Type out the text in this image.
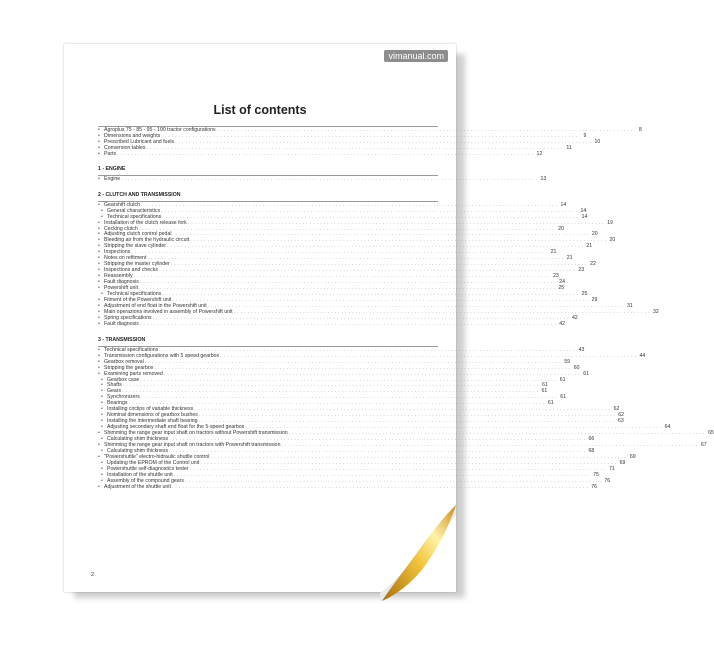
vimanual.com
List of contents
• Agroplus 75 - 85 - 95 - 100 tractor configurations . . . . . . . . . . . . . . . . . . . . . . . . . . . . . . . . . . . . . . . . . . . . . . . . . . . . . . . . . . . . . . . . . . . . . . . . . . . . . . . . . . . . . . . . . . . . . . . . . . . . . . . . . . . . . . . . . . . . . . . .	8
• Dimensions and weights . . . . . . . . . . . . . . . . . . . . . . . . . . . . . . . . . . . . . . . . . . . . . . . . . . . . . . . . . . . . . . . . . . . . . . . . . . . . . . . . . . . . . . . . . . . . . . . . . . . . . . . . . . . . . . . . . . . . . . . .	9
• Prescribed Lubricant and fuels . . . . . . . . . . . . . . . . . . . . . . . . . . . . . . . . . . . . . . . . . . . . . . . . . . . . . . . . . . . . . . . . . . . . . . . . . . . . . . . . . . . . . . . . . . . . . . . . . . . . . . . . . . . . . . . . . . . . . . . . 10
• Conversion tables . . . . . . . . . . . . . . . . . . . . . . . . . . . . . . . . . . . . . . . . . . . . . . . . . . . . . . . . . . . . . . . . . . . . . . . . . . . . . . . . . . . . . . . . . . . . . . . . . . . . . . . . . . . . . . . . . . . . . . . . 11
• Parts . . . . . . . . . . . . . . . . . . . . . . . . . . . . . . . . . . . . . . . . . . . . . . . . . . . . . . . . . . . . . . . . . . . . . . . . . . . . . . . . . . . . . . . . . . . . . . . . . . . . . . . . . . . . . . . . . . . . . . . . 12
1 - ENGINE
• Engine . . . . . . . . . . . . . . . . . . . . . . . . . . . . . . . . . . . . . . . . . . . . . . . . . . . . . . . . . . . . . . . . . . . . . . . . . . . . . . . . . . . . . . . . . . . . . . . . . . . . . . . . . . . . . . . . . . . . . . . . 13
2 - CLUTCH AND TRANSMISSION
• Gearshift clutch . . . . . . . . . . . . . . . . . . . . . . . . . . . . . . . . . . . . . . . . . . . . . . . . . . . . . . . . . . . . . . . . . . . . . . . . . . . . . . . . . . . . . . . . . . . . . . . . . . . . . . . . . . . . . . . . . . . . . . . . 14
• General characteristics . . . . . . . . . . . . . . . . . . . . . . . . . . . . . . . . . . . . . . . . . . . . . . . . . . . . . . . . . . . . . . . . . . . . . . . . . . . . . . . . . . . . . . . . . . . . . . . . . . . . . . . . . . . . . . . . . . . . . . . . 14
• Technical specifications . . . . . . . . . . . . . . . . . . . . . . . . . . . . . . . . . . . . . . . . . . . . . . . . . . . . . . . . . . . . . . . . . . . . . . . . . . . . . . . . . . . . . . . . . . . . . . . . . . . . . . . . . . . . . . . . . . . . . . . . 14
• Installation of the clutch release fork . . . . . . . . . . . . . . . . . . . . . . . . . . . . . . . . . . . . . . . . . . . . . . . . . . . . . . . . . . . . . . . . . . . . . . . . . . . . . . . . . . . . . . . . . . . . . . . . . . . . . . . . . . . . . . . . . . . . . . . . 19
• Cecking clutch . . . . . . . . . . . . . . . . . . . . . . . . . . . . . . . . . . . . . . . . . . . . . . . . . . . . . . . . . . . . . . . . . . . . . . . . . . . . . . . . . . . . . . . . . . . . . . . . . . . . . . . . . . . . . . . . . . . . . . . . 20
• Adjusting clutch control pedal . . . . . . . . . . . . . . . . . . . . . . . . . . . . . . . . . . . . . . . . . . . . . . . . . . . . . . . . . . . . . . . . . . . . . . . . . . . . . . . . . . . . . . . . . . . . . . . . . . . . . . . . . . . . . . . . . . . . . . . . 20
• Bleeding air from the hydraulic circuit . . . . . . . . . . . . . . . . . . . . . . . . . . . . . . . . . . . . . . . . . . . . . . . . . . . . . . . . . . . . . . . . . . . . . . . . . . . . . . . . . . . . . . . . . . . . . . . . . . . . . . . . . . . . . . . . . . . . . . . . 20
• Stripping the slave cylinder . . . . . . . . . . . . . . . . . . . . . . . . . . . . . . . . . . . . . . . . . . . . . . . . . . . . . . . . . . . . . . . . . . . . . . . . . . . . . . . . . . . . . . . . . . . . . . . . . . . . . . . . . . . . . . . . . . . . . . . . 21
• Inspections . . . . . . . . . . . . . . . . . . . . . . . . . . . . . . . . . . . . . . . . . . . . . . . . . . . . . . . . . . . . . . . . . . . . . . . . . . . . . . . . . . . . . . . . . . . . . . . . . . . . . . . . . . . . . . . . . . . . . . . . 21
• Notes on refitment . . . . . . . . . . . . . . . . . . . . . . . . . . . . . . . . . . . . . . . . . . . . . . . . . . . . . . . . . . . . . . . . . . . . . . . . . . . . . . . . . . . . . . . . . . . . . . . . . . . . . . . . . . . . . . . . . . . . . . . . 21
• Stripping the master cylinder . . . . . . . . . . . . . . . . . . . . . . . . . . . . . . . . . . . . . . . . . . . . . . . . . . . . . . . . . . . . . . . . . . . . . . . . . . . . . . . . . . . . . . . . . . . . . . . . . . . . . . . . . . . . . . . . . . . . . . . . 22
• Inspections and checks . . . . . . . . . . . . . . . . . . . . . . . . . . . . . . . . . . . . . . . . . . . . . . . . . . . . . . . . . . . . . . . . . . . . . . . . . . . . . . . . . . . . . . . . . . . . . . . . . . . . . . . . . . . . . . . . . . . . . . . . 23
• Reassembly . . . . . . . . . . . . . . . . . . . . . . . . . . . . . . . . . . . . . . . . . . . . . . . . . . . . . . . . . . . . . . . . . . . . . . . . . . . . . . . . . . . . . . . . . . . . . . . . . . . . . . . . . . . . . . . . . . . . . . . . 23
• Fault diagnosis . . . . . . . . . . . . . . . . . . . . . . . . . . . . . . . . . . . . . . . . . . . . . . . . . . . . . . . . . . . . . . . . . . . . . . . . . . . . . . . . . . . . . . . . . . . . . . . . . . . . . . . . . . . . . . . . . . . . . . . . 24
• Powershift unit . . . . . . . . . . . . . . . . . . . . . . . . . . . . . . . . . . . . . . . . . . . . . . . . . . . . . . . . . . . . . . . . . . . . . . . . . . . . . . . . . . . . . . . . . . . . . . . . . . . . . . . . . . . . . . . . . . . . . . . . 25
• Technical specifications . . . . . . . . . . . . . . . . . . . . . . . . . . . . . . . . . . . . . . . . . . . . . . . . . . . . . . . . . . . . . . . . . . . . . . . . . . . . . . . . . . . . . . . . . . . . . . . . . . . . . . . . . . . . . . . . . . . . . . . . 25
• Fitment of the Powershift unit . . . . . . . . . . . . . . . . . . . . . . . . . . . . . . . . . . . . . . . . . . . . . . . . . . . . . . . . . . . . . . . . . . . . . . . . . . . . . . . . . . . . . . . . . . . . . . . . . . . . . . . . . . . . . . . . . . . . . . . . 29
• Adjustment of end float in the Powershift unit . . . . . . . . . . . . . . . . . . . . . . . . . . . . . . . . . . . . . . . . . . . . . . . . . . . . . . . . . . . . . . . . . . . . . . . . . . . . . . . . . . . . . . . . . . . . . . . . . . . . . . . . . . . . . . . . . . . . . . . . 31
• Main operazions involved in assembly of Powershift unit . . . . . . . . . . . . . . . . . . . . . . . . . . . . . . . . . . . . . . . . . . . . . . . . . . . . . . . . . . . . . . . . . . . . . . . . . . . . . . . . . . . . . . . . . . . . . . . . . . . . . . . . . . . . . . . . . . . . . . . . 32
• Spring specifications . . . . . . . . . . . . . . . . . . . . . . . . . . . . . . . . . . . . . . . . . . . . . . . . . . . . . . . . . . . . . . . . . . . . . . . . . . . . . . . . . . . . . . . . . . . . . . . . . . . . . . . . . . . . . . . . . . . . . . . . 42
• Fault diagnosis . . . . . . . . . . . . . . . . . . . . . . . . . . . . . . . . . . . . . . . . . . . . . . . . . . . . . . . . . . . . . . . . . . . . . . . . . . . . . . . . . . . . . . . . . . . . . . . . . . . . . . . . . . . . . . . . . . . . . . . . 42
3 - TRANSMISSION
• Technical specifications . . . . . . . . . . . . . . . . . . . . . . . . . . . . . . . . . . . . . . . . . . . . . . . . . . . . . . . . . . . . . . . . . . . . . . . . . . . . . . . . . . . . . . . . . . . . . . . . . . . . . . . . . . . . . . . . . . . . . . . . 43
• Transmission configurations with 5 speed gearbox . . . . . . . . . . . . . . . . . . . . . . . . . . . . . . . . . . . . . . . . . . . . . . . . . . . . . . . . . . . . . . . . . . . . . . . . . . . . . . . . . . . . . . . . . . . . . . . . . . . . . . . . . . . . . . . . . . . . . . . . 44
• Gearbox removal . . . . . . . . . . . . . . . . . . . . . . . . . . . . . . . . . . . . . . . . . . . . . . . . . . . . . . . . . . . . . . . . . . . . . . . . . . . . . . . . . . . . . . . . . . . . . . . . . . . . . . . . . . . . . . . . . . . . . . . . 59
• Stripping the gearbox . . . . . . . . . . . . . . . . . . . . . . . . . . . . . . . . . . . . . . . . . . . . . . . . . . . . . . . . . . . . . . . . . . . . . . . . . . . . . . . . . . . . . . . . . . . . . . . . . . . . . . . . . . . . . . . . . . . . . . . . 60
• Examining parts removed . . . . . . . . . . . . . . . . . . . . . . . . . . . . . . . . . . . . . . . . . . . . . . . . . . . . . . . . . . . . . . . . . . . . . . . . . . . . . . . . . . . . . . . . . . . . . . . . . . . . . . . . . . . . . . . . . . . . . . . . 61
• Gearbox case . . . . . . . . . . . . . . . . . . . . . . . . . . . . . . . . . . . . . . . . . . . . . . . . . . . . . . . . . . . . . . . . . . . . . . . . . . . . . . . . . . . . . . . . . . . . . . . . . . . . . . . . . . . . . . . . . . . . . . . . 61
• Shafts . . . . . . . . . . . . . . . . . . . . . . . . . . . . . . . . . . . . . . . . . . . . . . . . . . . . . . . . . . . . . . . . . . . . . . . . . . . . . . . . . . . . . . . . . . . . . . . . . . . . . . . . . . . . . . . . . . . . . . . . 61
• Gears . . . . . . . . . . . . . . . . . . . . . . . . . . . . . . . . . . . . . . . . . . . . . . . . . . . . . . . . . . . . . . . . . . . . . . . . . . . . . . . . . . . . . . . . . . . . . . . . . . . . . . . . . . . . . . . . . . . . . . . . 61
• Synchronizers . . . . . . . . . . . . . . . . . . . . . . . . . . . . . . . . . . . . . . . . . . . . . . . . . . . . . . . . . . . . . . . . . . . . . . . . . . . . . . . . . . . . . . . . . . . . . . . . . . . . . . . . . . . . . . . . . . . . . . . . 61
• Bearings . . . . . . . . . . . . . . . . . . . . . . . . . . . . . . . . . . . . . . . . . . . . . . . . . . . . . . . . . . . . . . . . . . . . . . . . . . . . . . . . . . . . . . . . . . . . . . . . . . . . . . . . . . . . . . . . . . . . . . . . 61
• Installing circlips of variable thickness . . . . . . . . . . . . . . . . . . . . . . . . . . . . . . . . . . . . . . . . . . . . . . . . . . . . . . . . . . . . . . . . . . . . . . . . . . . . . . . . . . . . . . . . . . . . . . . . . . . . . . . . . . . . . . . . . . . . . . . . 62
• Nominal dimensions of gearbox bushes . . . . . . . . . . . . . . . . . . . . . . . . . . . . . . . . . . . . . . . . . . . . . . . . . . . . . . . . . . . . . . . . . . . . . . . . . . . . . . . . . . . . . . . . . . . . . . . . . . . . . . . . . . . . . . . . . . . . . . . . 62
• Installing the intermediate shaft bearing . . . . . . . . . . . . . . . . . . . . . . . . . . . . . . . . . . . . . . . . . . . . . . . . . . . . . . . . . . . . . . . . . . . . . . . . . . . . . . . . . . . . . . . . . . . . . . . . . . . . . . . . . . . . . . . . . . . . . . . . 63
• Adjusting secondary shaft end float for the 5-speed gearbox . . . . . . . . . . . . . . . . . . . . . . . . . . . . . . . . . . . . . . . . . . . . . . . . . . . . . . . . . . . . . . . . . . . . . . . . . . . . . . . . . . . . . . . . . . . . . . . . . . . . . . . . . . . . . . . . . . . . . . . . 64
• Shimming the range gear input shaft on tractors without Powershift transmission . . . . . . . . . . . . . . . . . . . . . . . . . . . . . . . . . . . . . . . . . . . . . . . . . . . . . . . . . . . . . . . . . . . . . . . . . . . . . . . . . . . . . . . . . . . . . . . . . . . . . . . . . . . . . . . . . . . . . . . . 65
• Calculating shim thickness . . . . . . . . . . . . . . . . . . . . . . . . . . . . . . . . . . . . . . . . . . . . . . . . . . . . . . . . . . . . . . . . . . . . . . . . . . . . . . . . . . . . . . . . . . . . . . . . . . . . . . . . . . . . . . . . . . . . . . . . 66
• Shimming the range gear input shaft on tractors with Powershift transmission . . . . . . . . . . . . . . . . . . . . . . . . . . . . . . . . . . . . . . . . . . . . . . . . . . . . . . . . . . . . . . . . . . . . . . . . . . . . . . . . . . . . . . . . . . . . . . . . . . . . . . . . . . . . . . . . . . . . . . . . 67
• Calculating shim thickness . . . . . . . . . . . . . . . . . . . . . . . . . . . . . . . . . . . . . . . . . . . . . . . . . . . . . . . . . . . . . . . . . . . . . . . . . . . . . . . . . . . . . . . . . . . . . . . . . . . . . . . . . . . . . . . . . . . . . . . . 68
• "Powershuttle" electro-hidraulic shuttle control . . . . . . . . . . . . . . . . . . . . . . . . . . . . . . . . . . . . . . . . . . . . . . . . . . . . . . . . . . . . . . . . . . . . . . . . . . . . . . . . . . . . . . . . . . . . . . . . . . . . . . . . . . . . . . . . . . . . . . . . 69
• Updating the EPROM of the Control unit . . . . . . . . . . . . . . . . . . . . . . . . . . . . . . . . . . . . . . . . . . . . . . . . . . . . . . . . . . . . . . . . . . . . . . . . . . . . . . . . . . . . . . . . . . . . . . . . . . . . . . . . . . . . . . . . . . . . . . . . 69
• Powershuttle self-diagnostics tester . . . . . . . . . . . . . . . . . . . . . . . . . . . . . . . . . . . . . . . . . . . . . . . . . . . . . . . . . . . . . . . . . . . . . . . . . . . . . . . . . . . . . . . . . . . . . . . . . . . . . . . . . . . . . . . . . . . . . . . . 71
• Installation of the shuttle unit . . . . . . . . . . . . . . . . . . . . . . . . . . . . . . . . . . . . . . . . . . . . . . . . . . . . . . . . . . . . . . . . . . . . . . . . . . . . . . . . . . . . . . . . . . . . . . . . . . . . . . . . . . . . . . . . . . . . . . . . 75
• Assembly of the compound gears . . . . . . . . . . . . . . . . . . . . . . . . . . . . . . . . . . . . . . . . . . . . . . . . . . . . . . . . . . . . . . . . . . . . . . . . . . . . . . . . . . . . . . . . . . . . . . . . . . . . . . . . . . . . . . . . . . . . . . . . 76
• Adjustment of the shuttle unit . . . . . . . . . . . . . . . . . . . . . . . . . . . . . . . . . . . . . . . . . . . . . . . . . . . . . . . . . . . . . . . . . . . . . . . . . . . . . . . . . . . . . . . . . . . . . . . . . . . . . . . . . . . . . . . . . . . . . . . . 76
2
